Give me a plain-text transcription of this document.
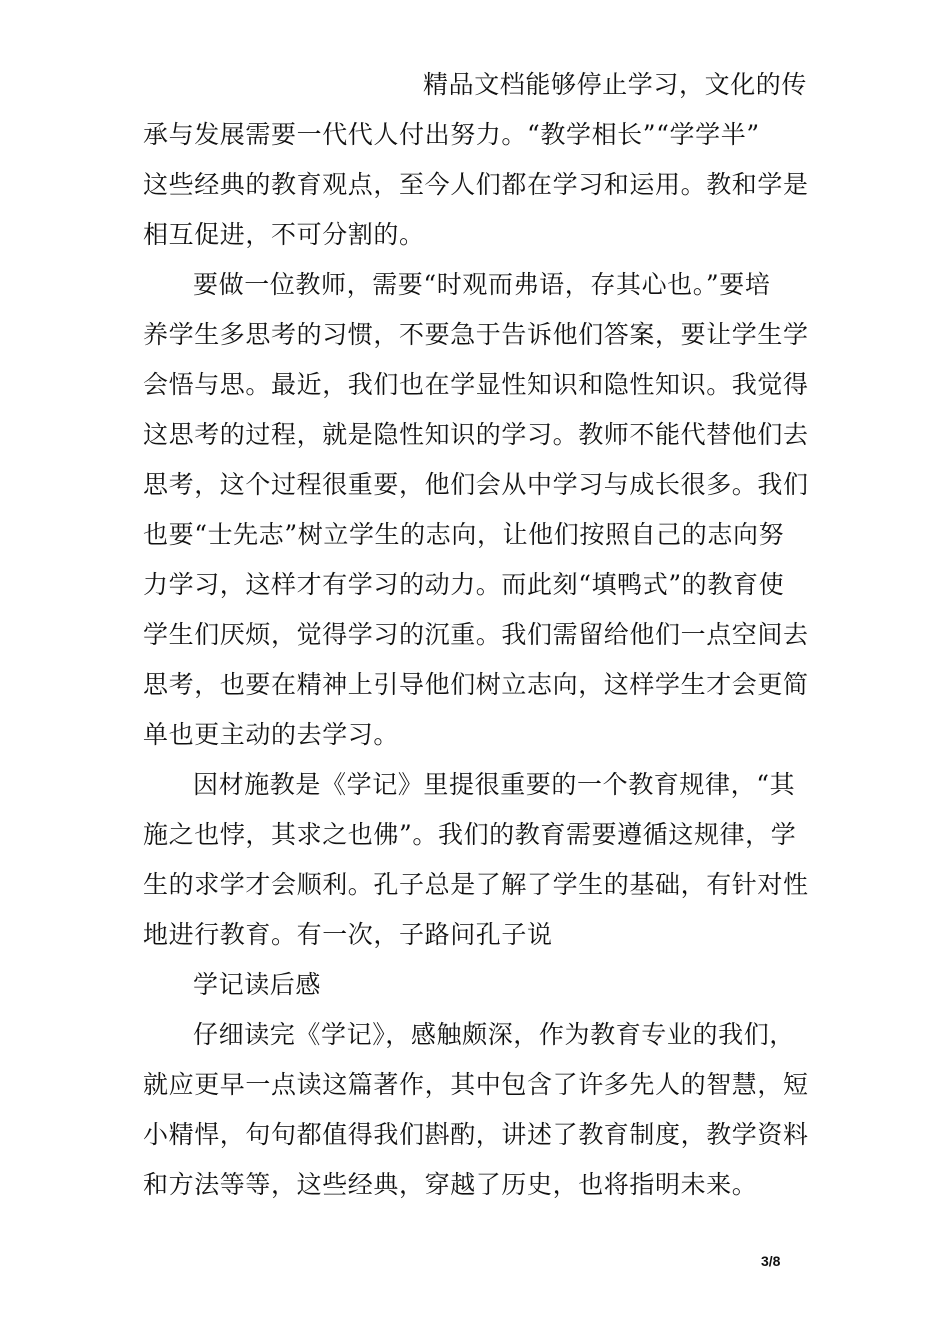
精品文档能够停止学习，文化的传
承与发展需要一代代人付出努力。“教学相长”“学学半”
这些经典的教育观点，至今人们都在学习和运用。教和学是
相互促进，不可分割的。
要做一位教师，需要“时观而弗语，存其心也。”要培
养学生多思考的习惯，不要急于告诉他们答案，要让学生学
会悟与思。最近，我们也在学显性知识和隐性知识。我觉得
这思考的过程，就是隐性知识的学习。教师不能代替他们去
思考，这个过程很重要，他们会从中学习与成长很多。我们
也要“士先志”树立学生的志向，让他们按照自己的志向努
力学习，这样才有学习的动力。而此刻“填鸭式”的教育使
学生们厌烦，觉得学习的沉重。我们需留给他们一点空间去
思考，也要在精神上引导他们树立志向，这样学生才会更简
单也更主动的去学习。
因材施教是《学记》里提很重要的一个教育规律，“其
施之也悖，其求之也佛”。我们的教育需要遵循这规律，学
生的求学才会顺利。孔子总是了解了学生的基础，有针对性
地进行教育。有一次，子路问孔子说
学记读后感
仔细读完《学记》，感触颇深，作为教育专业的我们，
就应更早一点读这篇著作，其中包含了许多先人的智慧，短
小精悍，句句都值得我们斟酌，讲述了教育制度，教学资料
和方法等等，这些经典，穿越了历史，也将指明未来。
3/8
